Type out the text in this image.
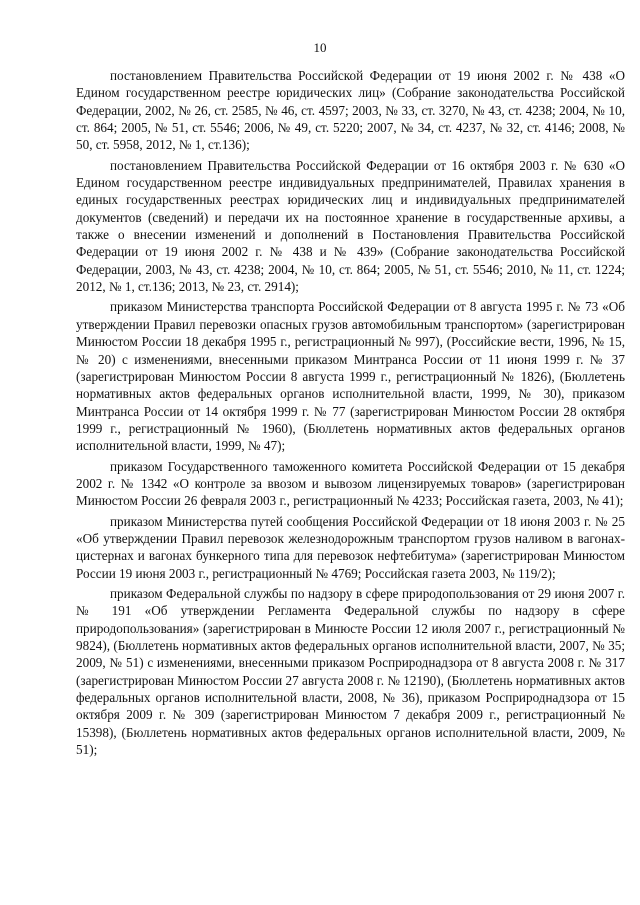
10

постановлением Правительства Российской Федерации от 19 июня 2002 г. № 438 «О Едином государственном реестре юридических лиц» (Собрание законодательства Российской Федерации, 2002, № 26, ст. 2585, № 46, ст. 4597; 2003, № 33, ст. 3270, № 43, ст. 4238; 2004, № 10, ст. 864; 2005, № 51, ст. 5546; 2006, № 49, ст. 5220; 2007, № 34, ст. 4237, № 32, ст. 4146; 2008, № 50, ст. 5958, 2012, № 1, ст.136);

постановлением Правительства Российской Федерации от 16 октября 2003 г. № 630 «О Едином государственном реестре индивидуальных предпринимателей, Правилах хранения в единых государственных реестрах юридических лиц и индивидуальных предпринимателей документов (сведений) и передачи их на постоянное хранение в государственные архивы, а также о внесении изменений и дополнений в Постановления Правительства Российской Федерации от 19 июня 2002 г. № 438 и № 439» (Собрание законодательства Российской Федерации, 2003, № 43, ст. 4238; 2004, № 10, ст. 864; 2005, № 51, ст. 5546; 2010, № 11, ст. 1224; 2012, № 1, ст.136; 2013, № 23, ст. 2914);

приказом Министерства транспорта Российской Федерации от 8 августа 1995 г. № 73 «Об утверждении Правил перевозки опасных грузов автомобильным транспортом» (зарегистрирован Минюстом России 18 декабря 1995 г., регистрационный № 997), (Российские вести, 1996, № 15, № 20) с изменениями, внесенными приказом Минтранса России от 11 июня 1999 г. № 37 (зарегистрирован Минюстом России 8 августа 1999 г., регистрационный № 1826), (Бюллетень нормативных актов федеральных органов исполнительной власти, 1999, № 30), приказом Минтранса России от 14 октября 1999 г. № 77 (зарегистрирован Минюстом России 28 октября 1999 г., регистрационный № 1960), (Бюллетень нормативных актов федеральных органов исполнительной власти, 1999, № 47);

приказом Государственного таможенного комитета Российской Федерации от 15 декабря 2002 г. № 1342 «О контроле за ввозом и вывозом лицензируемых товаров» (зарегистрирован Минюстом России 26 февраля 2003 г., регистрационный № 4233; Российская газета, 2003, № 41);

приказом Министерства путей сообщения Российской Федерации от 18 июня 2003 г. № 25 «Об утверждении Правил перевозок железнодорожным транспортом грузов наливом в вагонах-цистернах и вагонах бункерного типа для перевозок нефтебитума» (зарегистрирован Минюстом России 19 июня 2003 г., регистрационный № 4769; Российская газета 2003, № 119/2);

приказом Федеральной службы по надзору в сфере природопользования от 29 июня 2007 г. № 191 «Об утверждении Регламента Федеральной службы по надзору в сфере природопользования» (зарегистрирован в Минюсте России 12 июля 2007 г., регистрационный № 9824), (Бюллетень нормативных актов федеральных органов исполнительной власти, 2007, № 35; 2009, № 51) с изменениями, внесенными приказом Росприроднадзора от 8 августа 2008 г. № 317 (зарегистрирован Минюстом России 27 августа 2008 г. № 12190), (Бюллетень нормативных актов федеральных органов исполнительной власти, 2008, № 36), приказом Росприроднадзора от 15 октября 2009 г. № 309 (зарегистрирован Минюстом 7 декабря 2009 г., регистрационный № 15398), (Бюллетень нормативных актов федеральных органов исполнительной власти, 2009, № 51);
